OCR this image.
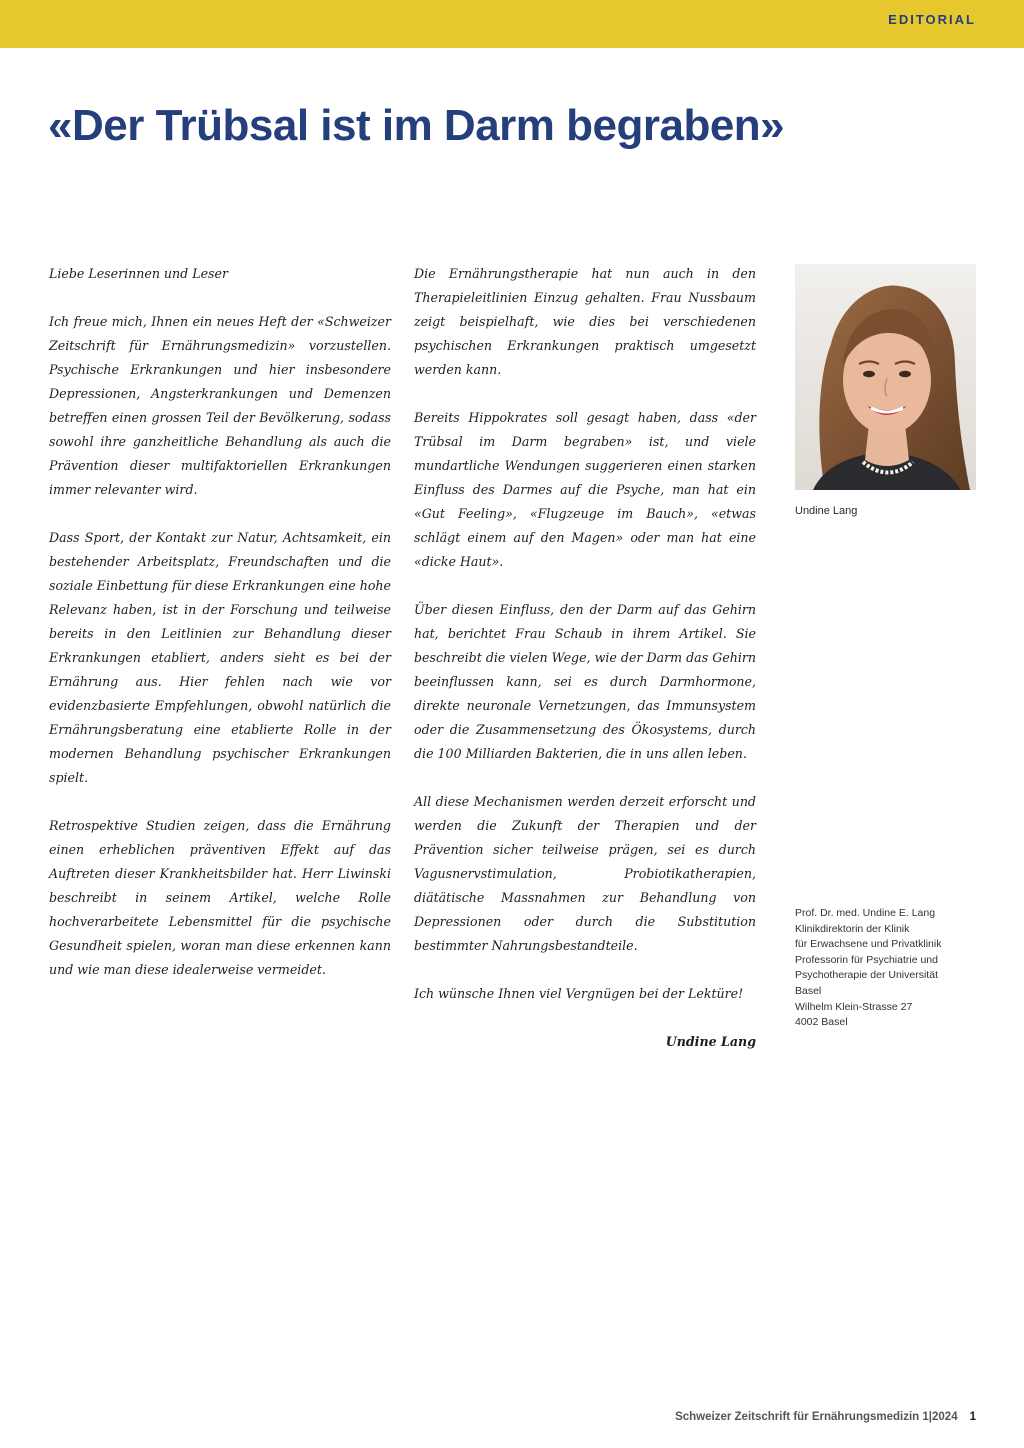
EDITORIAL
«Der Trübsal ist im Darm begraben»

Liebe Leserinnen und Leser

Ich freue mich, Ihnen ein neues Heft der «Schweizer Zeitschrift für Ernährungsmedizin» vorzustellen. Psychische Erkrankungen und hier insbesondere Depressionen, Angsterkrankungen und Demenzen betreffen einen grossen Teil der Bevölkerung, sodass sowohl ihre ganzheitliche Behandlung als auch die Prävention dieser multifaktoriellen Erkrankungen immer relevanter wird.

Dass Sport, der Kontakt zur Natur, Achtsamkeit, ein bestehender Arbeitsplatz, Freundschaften und die soziale Einbettung für diese Erkrankungen eine hohe Relevanz haben, ist in der Forschung und teilweise bereits in den Leitlinien zur Behandlung dieser Erkrankungen etabliert, anders sieht es bei der Ernährung aus. Hier fehlen nach wie vor evidenzbasierte Empfehlungen, obwohl natürlich die Ernährungsberatung eine etablierte Rolle in der modernen Behandlung psychischer Erkrankungen spielt.

Retrospektive Studien zeigen, dass die Ernährung einen erheblichen präventiven Effekt auf das Auftreten dieser Krankheitsbilder hat. Herr Liwinski beschreibt in seinem Artikel, welche Rolle hochverarbeitete Lebensmittel für die psychische Gesundheit spielen, woran man diese erkennen kann und wie man diese idealerweise vermeidet.

Die Ernährungstherapie hat nun auch in den Therapieleitlinien Einzug gehalten. Frau Nussbaum zeigt beispielhaft, wie dies bei verschiedenen psychischen Erkrankungen praktisch umgesetzt werden kann.

Bereits Hippokrates soll gesagt haben, dass «der Trübsal im Darm begraben» ist, und viele mundartliche Wendungen suggerieren einen starken Einfluss des Darmes auf die Psyche, man hat ein «Gut Feeling», «Flugzeuge im Bauch», «etwas schlägt einem auf den Magen» oder man hat eine «dicke Haut».

Über diesen Einfluss, den der Darm auf das Gehirn hat, berichtet Frau Schaub in ihrem Artikel. Sie beschreibt die vielen Wege, wie der Darm das Gehirn beeinflussen kann, sei es durch Darmhormone, direkte neuronale Vernetzungen, das Immunsystem oder die Zusammensetzung des Ökosystems, durch die 100 Milliarden Bakterien, die in uns allen leben.

All diese Mechanismen werden derzeit erforscht und werden die Zukunft der Therapien und der Prävention sicher teilweise prägen, sei es durch Vagusnervstimulation, Probiotikatherapien, diätätische Massnahmen zur Behandlung von Depressionen oder durch die Substitution bestimmter Nahrungsbestandteile.

Ich wünsche Ihnen viel Vergnügen bei der Lektüre!

Undine Lang

Undine Lang
Prof. Dr. med. Undine E. Lang
Klinikdirektorin der Klinik
für Erwachsene und Privatklinik
Professorin für Psychiatrie und
Psychotherapie der Universität
Basel
Wilhelm Klein-Strasse 27
4002 Basel
Schweizer Zeitschrift für Ernährungsmedizin 1|2024 1
